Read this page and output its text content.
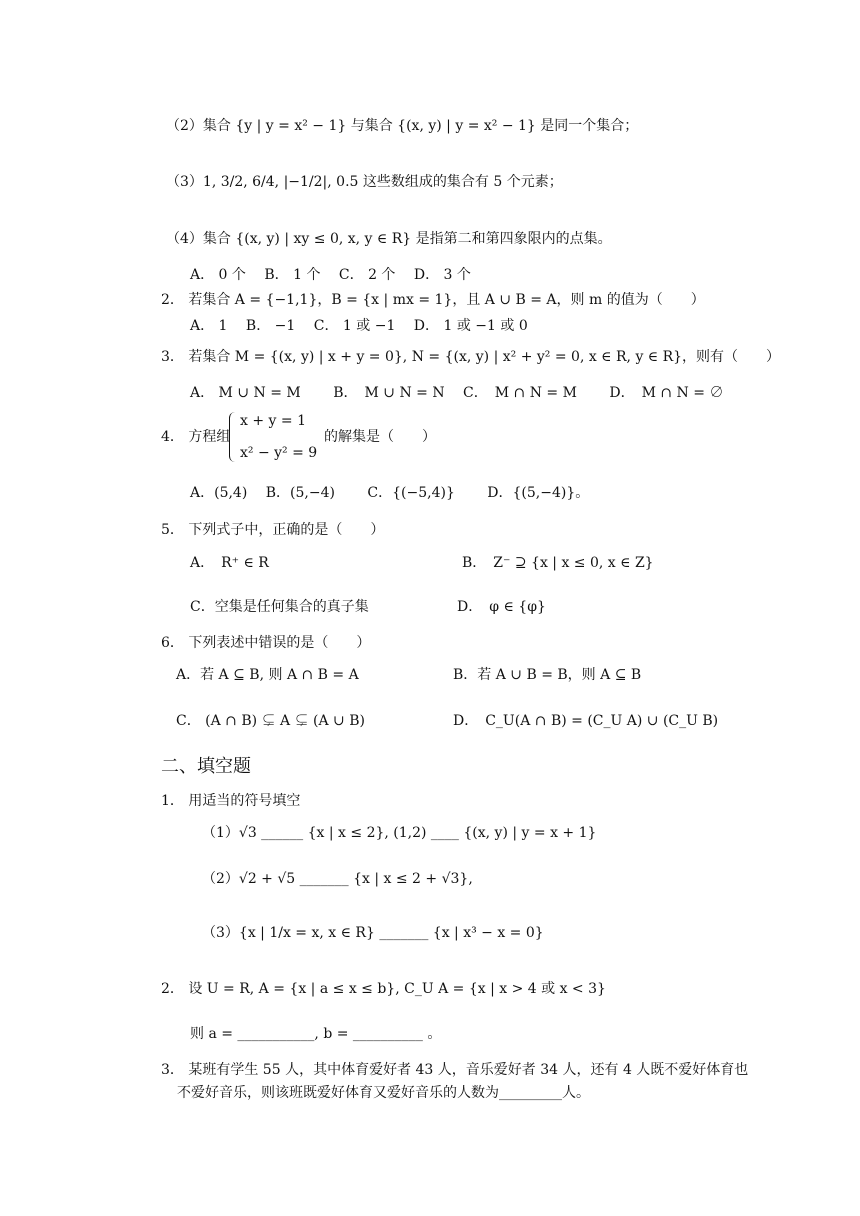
（2）集合 {y | y = x² − 1} 与集合 {(x, y) | y = x² − 1} 是同一个集合；
（3）1, 3/2, 6/4, |−1/2|, 0.5 这些数组成的集合有 5 个元素；
（4）集合 {(x, y) | xy ≤ 0, x, y ∈ R} 是指第二和第四象限内的点集。
A． 0 个　 B． 1 个　 C． 2 个　 D． 3 个
2． 若集合 A = {−1,1}，B = {x | mx = 1}，且 A ∪ B = A，则 m 的值为（　　）
A． 1　 B． −1　 C． 1 或 −1　 D． 1 或 −1 或 0
3． 若集合 M = {(x, y) | x + y = 0}, N = {(x, y) | x² + y² = 0, x ∈ R, y ∈ R}，则有（　　）
A． M ∪ N = M　　 B．　M ∪ N = N　 C．　M ∩ N = M　　 D．　M ∩ N = ∅
4． 方程组
x + y = 1
x² − y² = 9
的解集是（　　）
A．(5,4)　 B．(5,−4)　　 C．{(−5,4)}　　 D．{(5,−4)}。
5． 下列式子中，正确的是（　　）
A．　R⁺ ∈ R	B．　Z⁻ ⊇ {x | x ≤ 0, x ∈ Z}
C．空集是任何集合的真子集	D．　φ ∈ {φ}
6． 下列表述中错误的是（　　）
A．若 A ⊆ B, 则 A ∩ B = A	B．若 A ∪ B = B，则 A ⊆ B
C． (A ∩ B) ⊊ A ⊊ (A ∪ B)	D．　C_U(A ∩ B) = (C_U A) ∪ (C_U B)
二、填空题
1． 用适当的符号填空
（1）√3 ______ {x | x ≤ 2}, (1,2) ____ {(x, y) | y = x + 1}
（2）√2 + √5 _______ {x | x ≤ 2 + √3},
（3）{x | 1/x = x, x ∈ R} _______ {x | x³ − x = 0}
2． 设 U = R, A = {x | a ≤ x ≤ b}, C_U A = {x | x > 4 或 x < 3}
则 a = ___________, b = __________ 。
3． 某班有学生 55 人，其中体育爱好者 43 人，音乐爱好者 34 人，还有 4 人既不爱好体育也
不爱好音乐，则该班既爱好体育又爱好音乐的人数为_________人。
